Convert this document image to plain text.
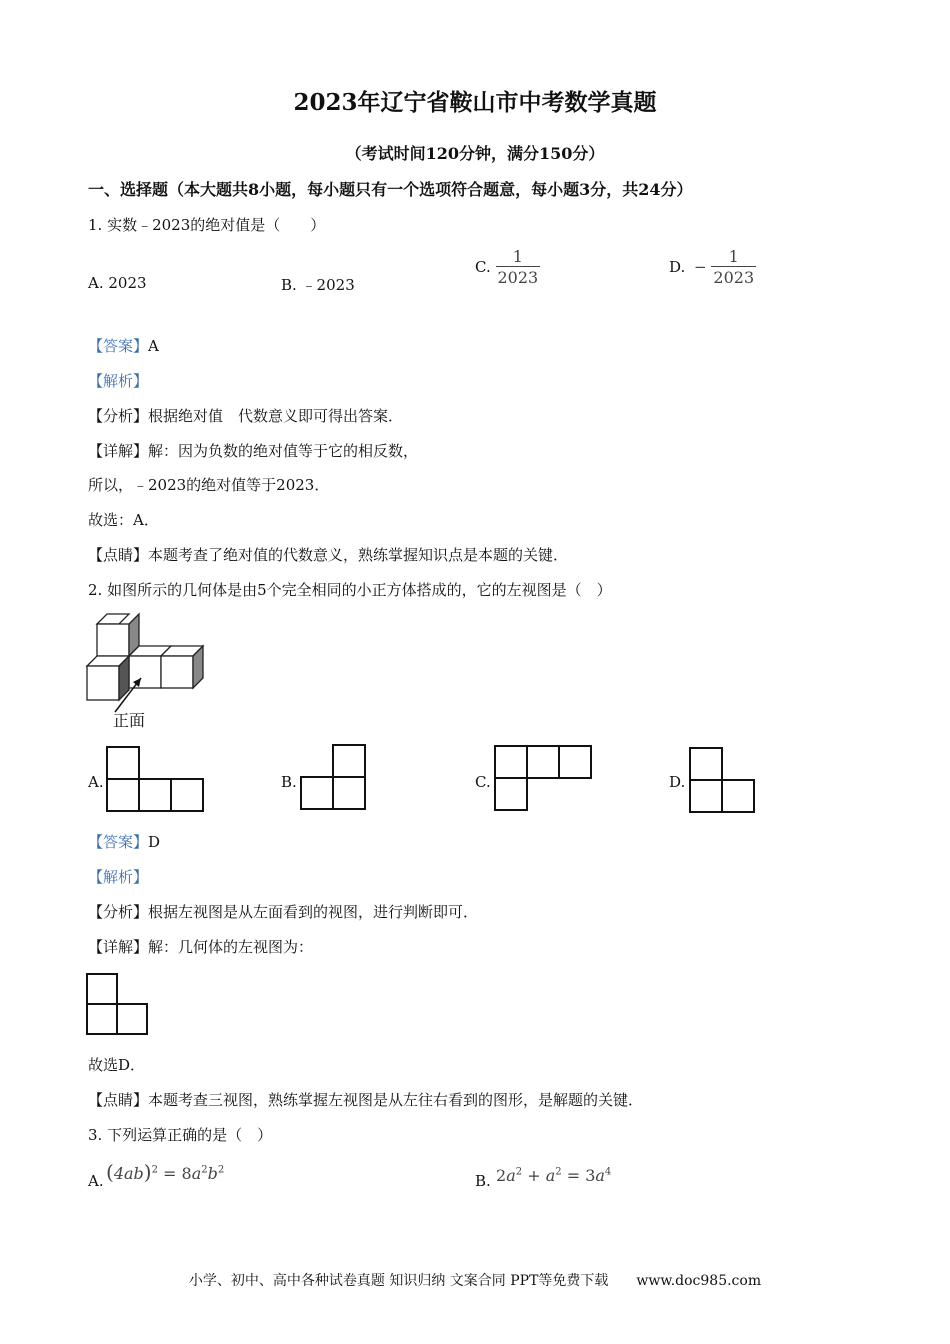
2023年辽宁省鞍山市中考数学真题
（考试时间120分钟，满分150分）
一、选择题（本大题共8小题，每小题只有一个选项符合题意，每小题3分，共24分）
1. 实数﹣2023的绝对值是（　　）
A. 2023	B. ﹣2023
C. $\frac{1}{2023}$	D. − $\frac{1}{2023}$
【答案】A
【解析】
【分析】根据绝对值　代数意义即可得出答案．
【详解】解：因为负数的绝对值等于它的相反数，
所以，﹣2023的绝对值等于2023．
故选：A．
【点睛】本题考查了绝对值的代数意义，熟练掌握知识点是本题的关键．
2. 如图所示的几何体是由5个完全相同的小正方体搭成的，它的左视图是（　）
正面
A.	B.	C.	D.
【答案】D
【解析】
【分析】根据左视图是从左面看到的视图，进行判断即可．
【详解】解：几何体的左视图为：
故选D．
【点睛】本题考查三视图，熟练掌握左视图是从左往右看到的图形，是解题的关键．
3. 下列运算正确的是（　）
A. $(4ab)^2 = 8a^2b^2$
B. $2a^2 + a^2 = 3a^4$
小学、初中、高中各种试卷真题 知识归纳 文案合同 PPT等免费下载　　www.doc985.com
